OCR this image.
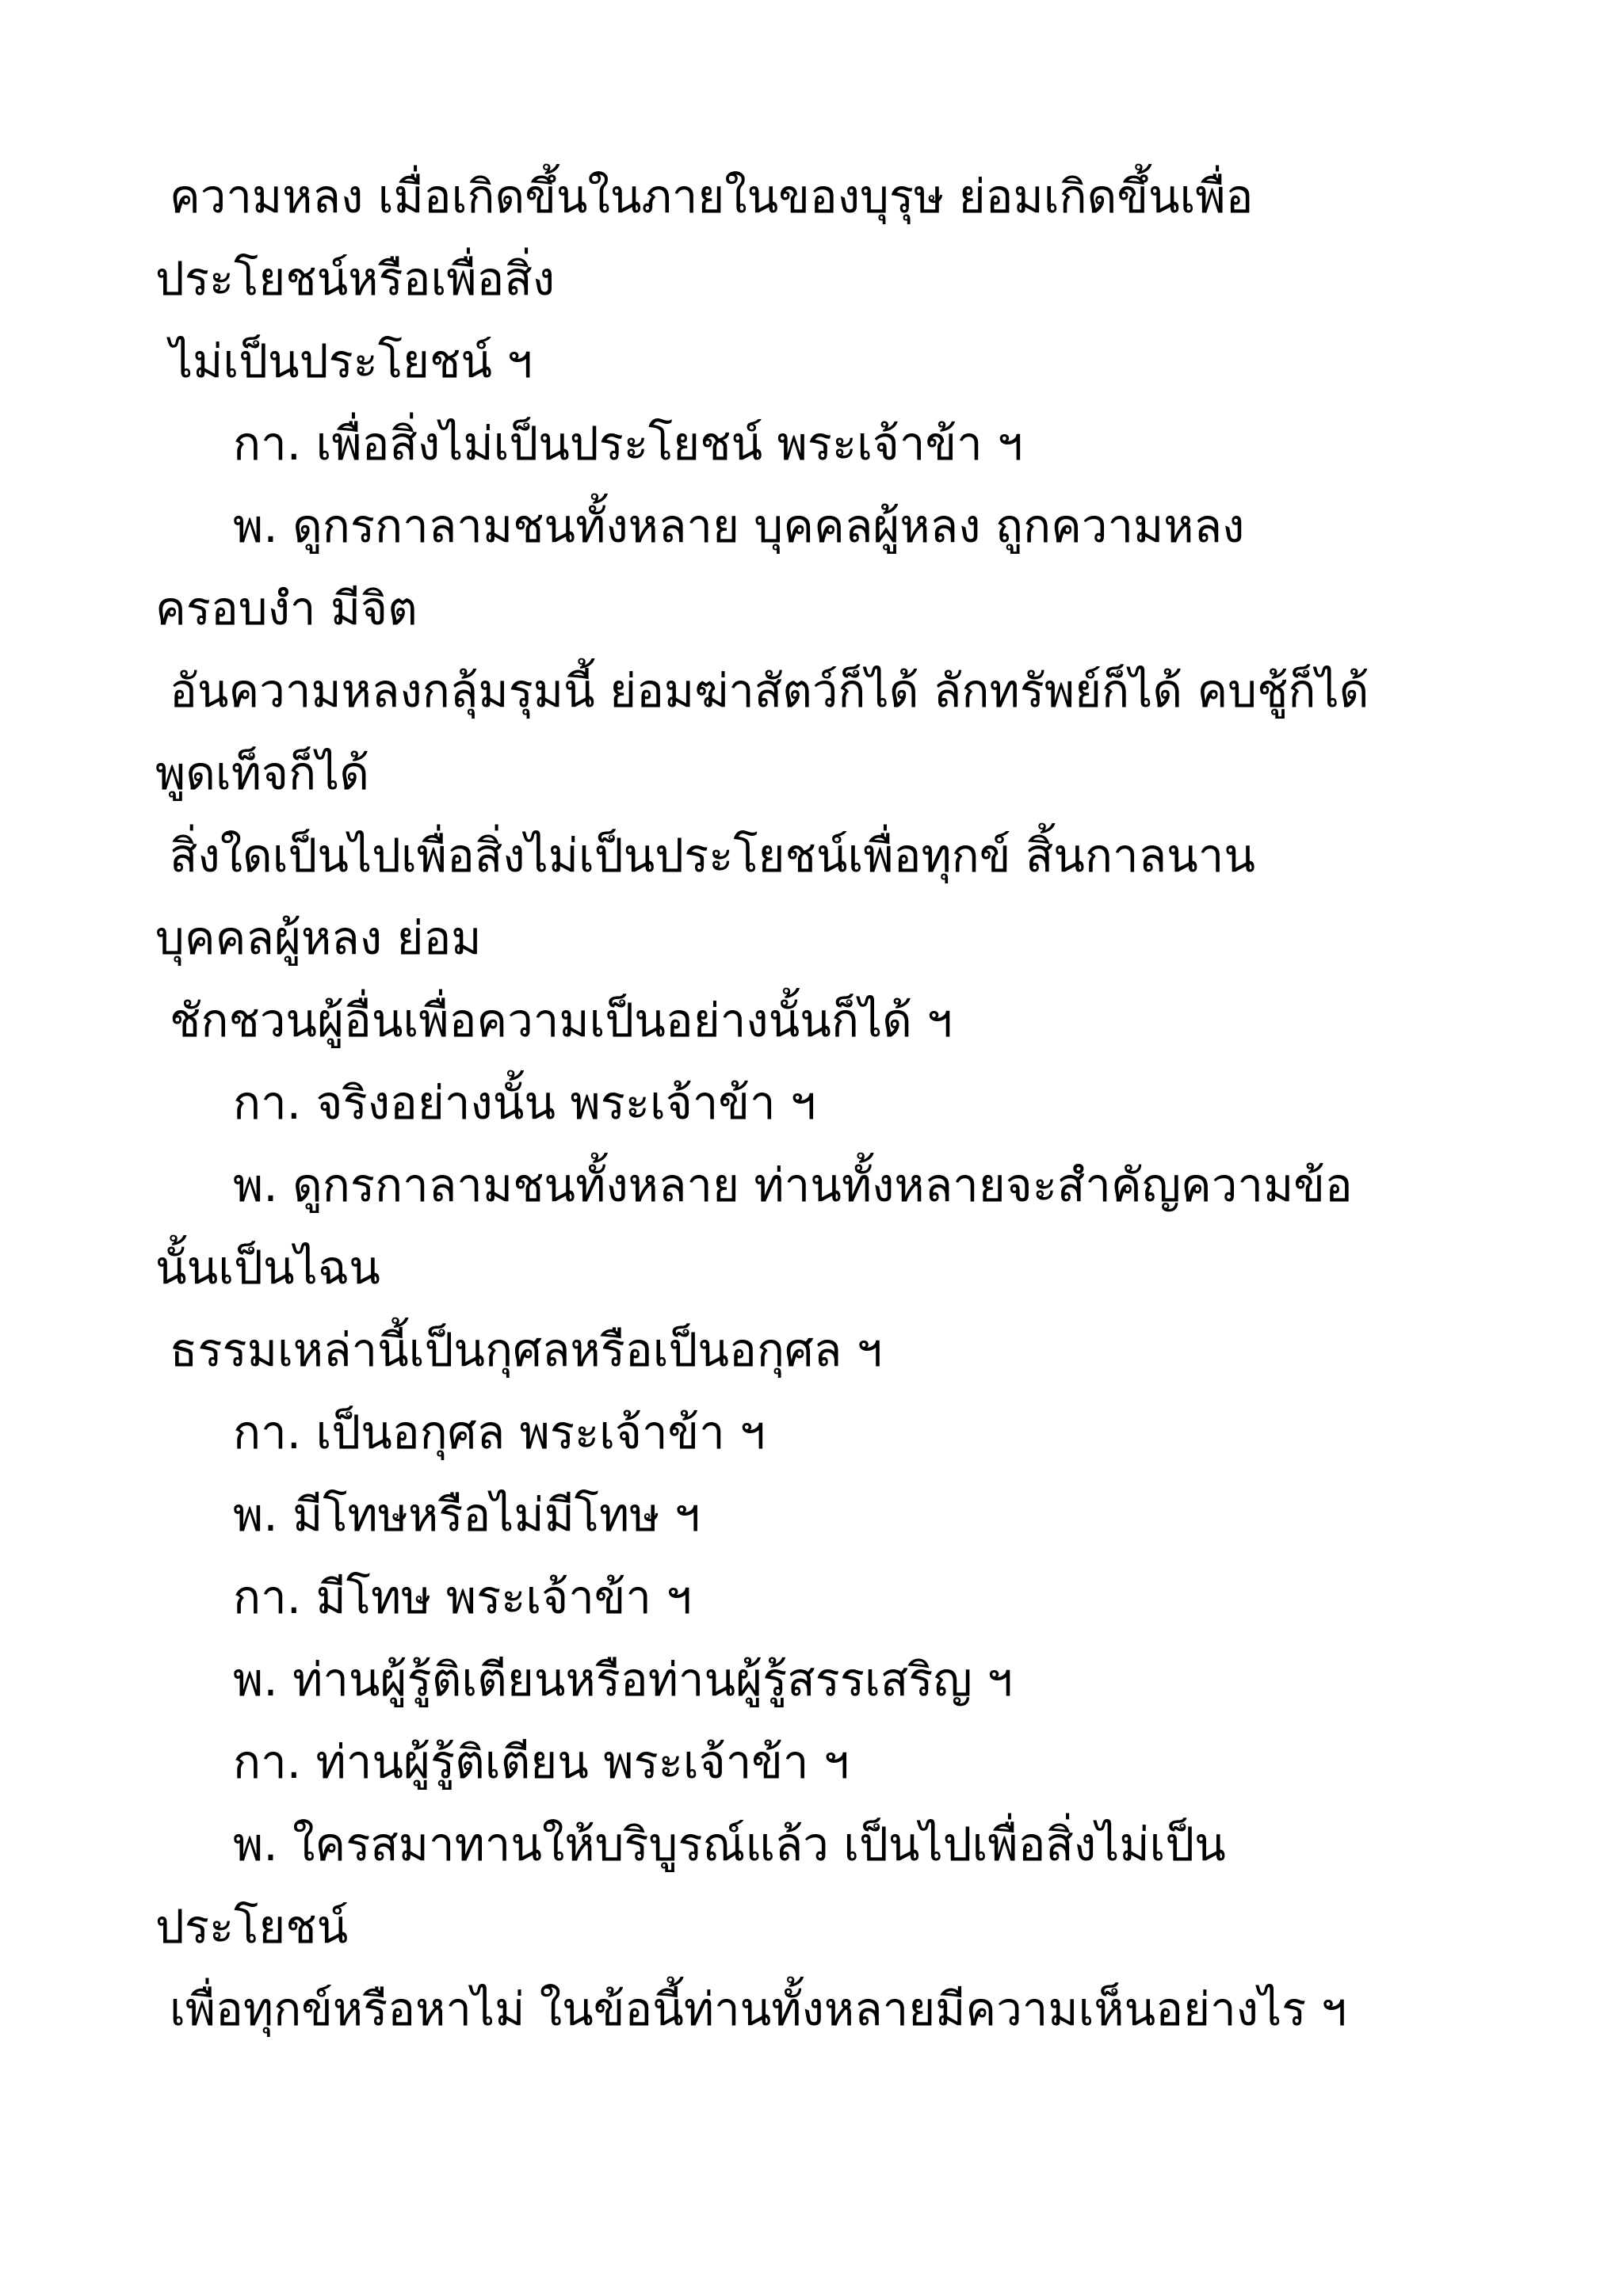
ความหลง เมื่อเกิดขึ้นในภายในของบุรุษ ย่อมเกิดขึ้นเพื่อ
ประโยชน์หรือเพื่อสิ่ง
ไม่เป็นประโยชน์ ฯ
กา. เพื่อสิ่งไม่เป็นประโยชน์ พระเจ้าข้า ฯ
พ. ดูกรกาลามชนทั้งหลาย บุคคลผู้หลง ถูกความหลง
ครอบงำ มีจิต
อันความหลงกลุ้มรุมนี้ ย่อมฆ่าสัตว์ก็ได้ ลักทรัพย์ก็ได้ คบชู้ก็ได้
พูดเท็จก็ได้
สิ่งใดเป็นไปเพื่อสิ่งไม่เป็นประโยชน์เพื่อทุกข์ สิ้นกาลนาน
บุคคลผู้หลง ย่อม
ชักชวนผู้อื่นเพื่อความเป็นอย่างนั้นก็ได้ ฯ
กา. จริงอย่างนั้น พระเจ้าข้า ฯ
พ. ดูกรกาลามชนทั้งหลาย ท่านทั้งหลายจะสำคัญความข้อ
นั้นเป็นไฉน
ธรรมเหล่านี้เป็นกุศลหรือเป็นอกุศล ฯ
กา. เป็นอกุศล พระเจ้าข้า ฯ
พ. มีโทษหรือไม่มีโทษ ฯ
กา. มีโทษ พระเจ้าข้า ฯ
พ. ท่านผู้รู้ติเตียนหรือท่านผู้รู้สรรเสริญ ฯ
กา. ท่านผู้รู้ติเตียน พระเจ้าข้า ฯ
พ. ใครสมาทานให้บริบูรณ์แล้ว เป็นไปเพื่อสิ่งไม่เป็น
ประโยชน์
เพื่อทุกข์หรือหาไม่ ในข้อนี้ท่านทั้งหลายมีความเห็นอย่างไร ฯ
